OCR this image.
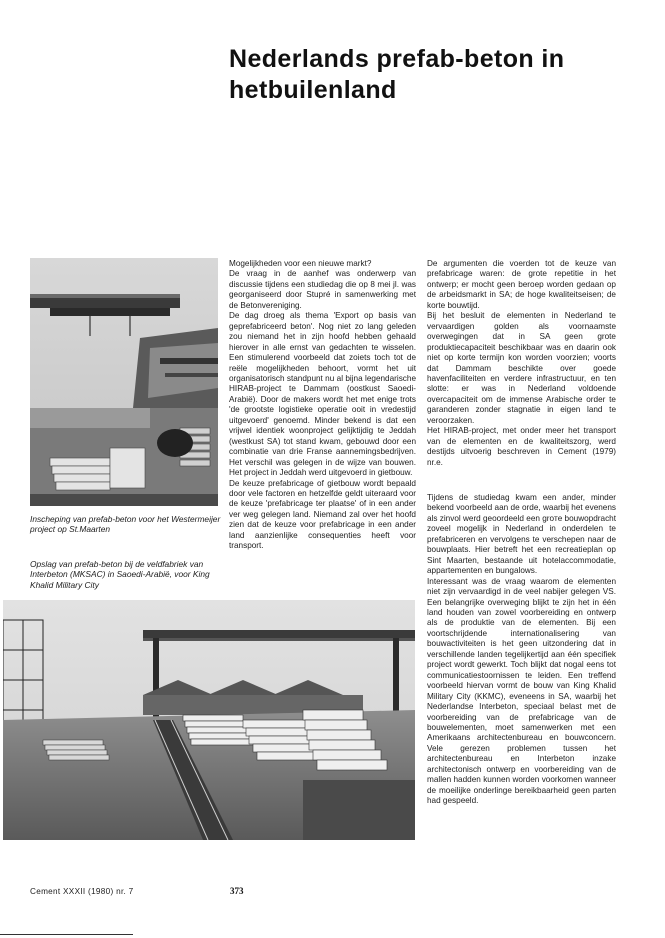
Nederlands prefab-beton in hetbuilenland
Inscheping van prefab-beton voor het Westermeijer project op St.Maarten
Opslag van prefab-beton bij de veldfabriek van Interbeton (MKSAC) in Saoedi-Arabië, voor King Khalid Military City

Mogelijkheden voor een nieuwe markt?

De vraag in de aanhef was onderwerp van discussie tijdens een studiedag die op 8 mei jl. was georganiseerd door Stupré in samenwerking met de Betonvereniging.

De dag droeg als thema 'Export op basis van geprefabriceerd beton'. Nog niet zo lang geleden zou niemand het in zijn hoofd hebben gehaald hierover in alle ernst van gedachten te wisselen. Een stimulerend voorbeeld dat zoiets toch tot de reële mogelijkheden behoort, vormt het uit organisatorisch standpunt nu al bijna legendarische HIRAB-project te Dammam (oostkust Saoedi-Arabië). Door de makers wordt het met enige trots 'de grootste logistieke operatie ooit in vredestijd uitgevoerd' genoemd. Minder bekend is dat een vrijwel identiek woonproject gelijktijdig te Jeddah (westkust SA) tot stand kwam, gebouwd door een combinatie van drie Franse aannemingsbedrijven. Het verschil was gelegen in de wijze van bouwen. Het project in Jeddah werd uitgevoerd in gietbouw.

De keuze prefabricage of gietbouw wordt bepaald door vele factoren en hetzelfde geldt uiteraard voor de keuze 'prefabricage ter plaatse' of in een ander ver weg gelegen land. Niemand zal over het hoofd zien dat de keuze voor prefabricage in een ander land aanzienlijke consequenties heeft voor transport.

De argumenten die voerden tot de keuze van prefabricage waren: de grote repetitie in het ontwerp; er mocht geen beroep worden gedaan op de arbeidsmarkt in SA; de hoge kwaliteitseisen; de korte bouwtijd.

Bij het besluit de elementen in Nederland te vervaardigen golden als voornaamste overwegingen dat in SA geen grote produktiecapaciteit beschikbaar was en daarin ook niet op korte termijn kon worden voorzien; voorts dat Dammam beschikte over goede havenfaciliteiten en verdere infrastructuur, en ten slotte: er was in Nederland voldoende overcapaciteit om de immense Arabische order te garanderen zonder stagnatie in eigen land te veroorzaken.

Het HIRAB-project, met onder meer het transport van de elementen en de kwaliteitszorg, werd destijds uitvoerig beschreven in Cement (1979) nr.e.

Tijdens de studiedag kwam een ander, minder bekend voorbeeld aan de orde, waarbij het evenens als zinvol werd geoordeeld een groте bouwopdracht zoveel mogelijk in Nederland in onderdelen te prefabriceren en vervolgens te verschepen naar de bouwplaats. Hier betreft het een recreatieplan op Sint Maarten, bestaande uit hotelaccommodatie, appartementen en bungalows.

Interessant was de vraag waarom de elementen niet zijn vervaardigd in de veel nabijer gelegen VS. Een belangrijke overweging blijkt te zijn het in één land houden van zowel voorbereiding en ontwerp als de produktie van de elementen. Bij een voortschrijdende internationalisering van bouwactiviteiten is het geen uitzondering dat in verschillende landen tegelijkertijd aan één specifiek project wordt gewerkt. Toch blijkt dat nogal eens tot communicatiestoornissen te leiden. Een treffend voorbeeld hiervan vormt de bouw van King Khalid Military City (KKMC), eveneens in SA, waarbij het Nederlandse Interbeton, speciaal belast met de voorbereiding van de prefabricage van de bouwelementen, moet samenwerken met een Amerikaans architectenbureau en bouwconcern. Vele gerezen problemen tussen het architectenbureau en Interbeton inzake architectonisch ontwerp en voorbereiding van de mallen hadden kunnen worden voorkomen wanneer de moeilijke onderlinge bereikbaarheid geen parten had gespeeld.

Cement XXXII (1980) nr. 7	373
